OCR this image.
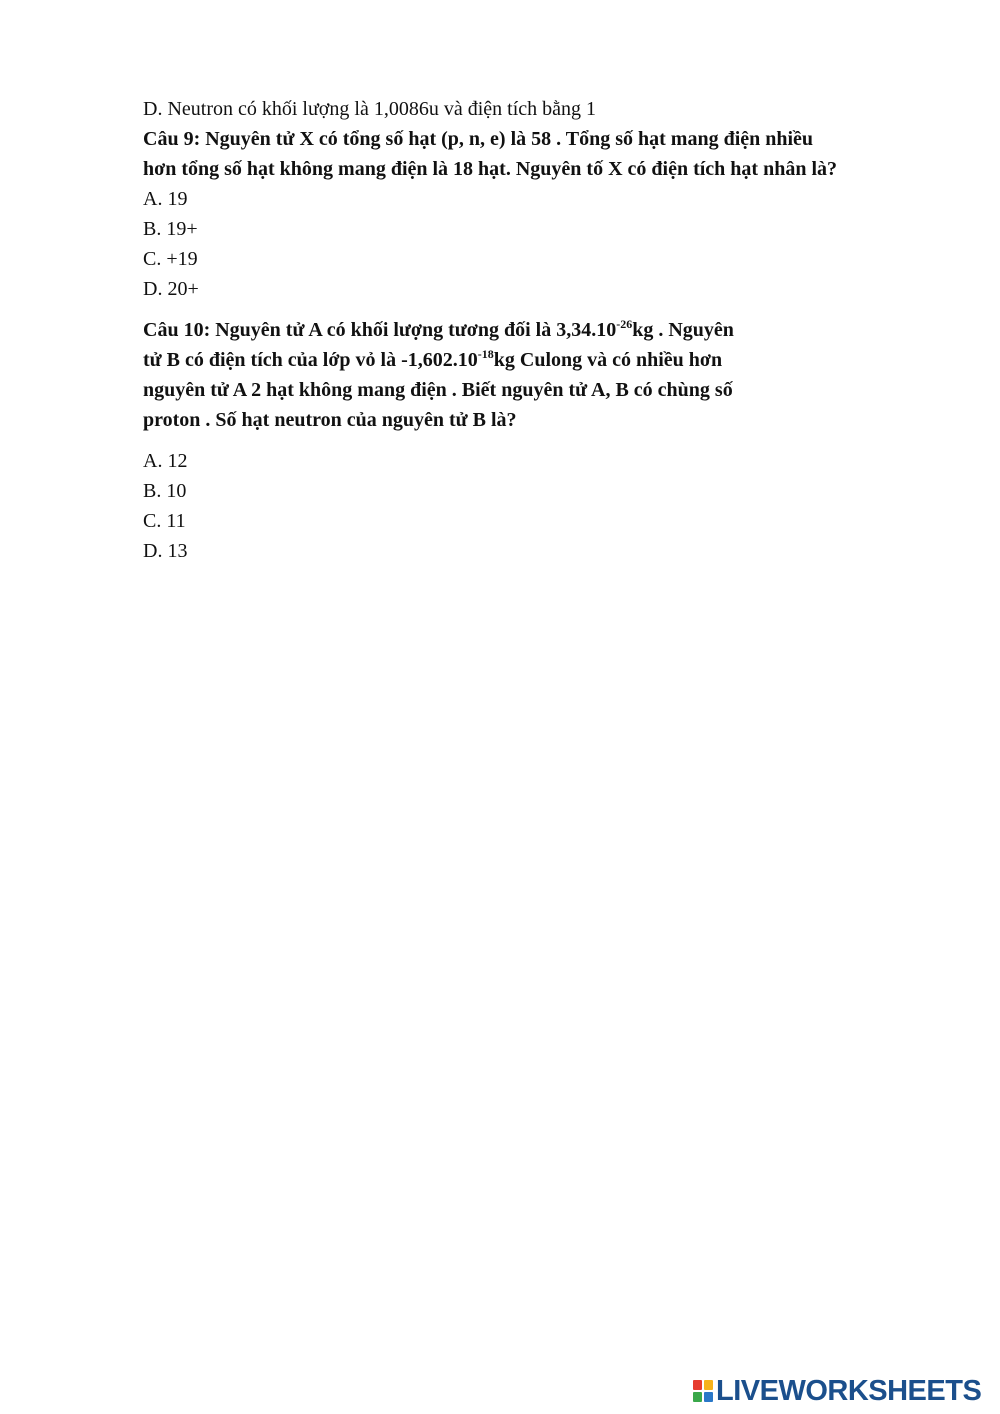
D. Neutron có khối lượng là 1,0086u và điện tích bằng 1
Câu 9: Nguyên tử X có tổng số hạt (p, n, e) là 58 . Tổng số hạt mang điện nhiều
hơn tổng số hạt không mang điện là 18 hạt. Nguyên tố X có điện tích hạt nhân là?
A. 19
B. 19+
C. +19
D. 20+
Câu 10: Nguyên tử A có khối lượng tương đối là $3,34.10^{-26}kg$ . Nguyên
tử B có điện tích của lớp vỏ là $-1,602.10^{-18}kg$ Culong và có nhiều hơn
nguyên tử A 2 hạt không mang điện . Biết nguyên tử A, B có chùng số
proton . Số hạt neutron của nguyên tử B là?
A. 12
B. 10
C. 11
D. 13
LIVEWORKSHEETS
